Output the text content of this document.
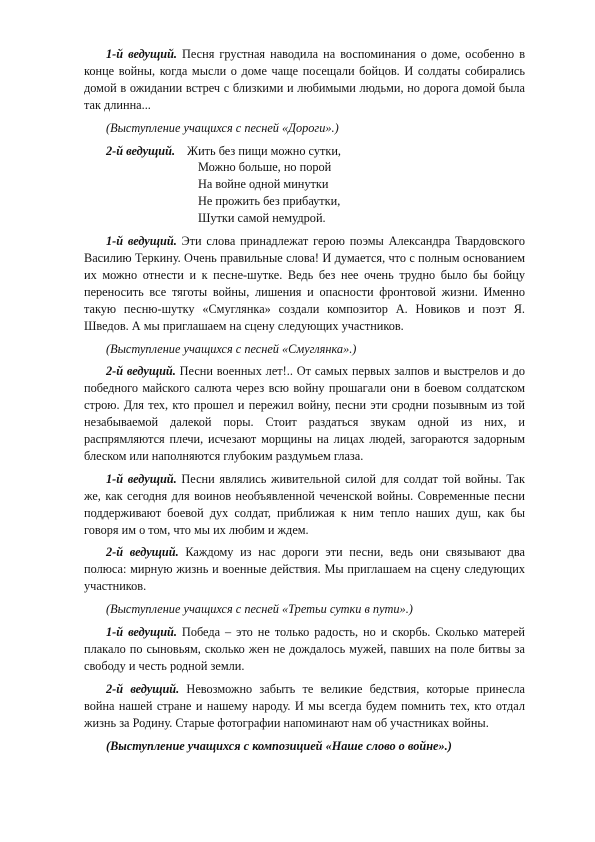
1-й ведущий. Песня грустная наводила на воспоминания о доме, особенно в конце войны, когда мысли о доме чаще посещали бойцов. И солдаты собирались домой в ожидании встреч с близкими и любимыми людьми, но дорога домой была так длинна...

(Выступление учащихся с песней «Дороги».)

2-й ведущий. Жить без пищи можно сутки,

Можно больше, но порой

На войне одной минутки

Не прожить без прибаутки,

Шутки самой немудрой.

1-й ведущий. Эти слова принадлежат герою поэмы Александра Твардовского Василию Теркину. Очень правильные слова! И думается, что с полным основанием их можно отнести и к песне-шутке. Ведь без нее очень трудно было бы бойцу переносить все тяготы войны, лишения и опасности фронтовой жизни. Именно такую песню-шутку «Смуглянка» создали композитор А. Новиков и поэт Я. Шведов. А мы приглашаем на сцену следующих участников.

(Выступление учащихся с песней «Смуглянка».)

2-й ведущий. Песни военных лет!.. От самых первых залпов и выстрелов и до победного майского салюта через всю войну прошагали они в боевом солдатском строю. Для тех, кто прошел и пережил войну, песни эти сродни позывным из той незабываемой далекой поры. Стоит раздаться звукам одной из них, и распрямляются плечи, исчезают морщины на лицах людей, загораются задорным блеском или наполняются глубоким раздумьем глаза.

1-й ведущий. Песни являлись живительной силой для солдат той войны. Так же, как сегодня для воинов необъявленной чеченской войны. Современные песни поддерживают боевой дух солдат, приближая к ним тепло наших душ, как бы говоря им о том, что мы их любим и ждем.

2-й ведущий. Каждому из нас дороги эти песни, ведь они связывают два полюса: мирную жизнь и военные действия. Мы приглашаем на сцену следующих участников.

(Выступление учащихся с песней «Третьи сутки в пути».)

1-й ведущий. Победа – это не только радость, но и скорбь. Сколько матерей плакало по сыновьям, сколько жен не дождалось мужей, павших на поле битвы за свободу и честь родной земли.

2-й ведущий. Невозможно забыть те великие бедствия, которые принесла война нашей стране и нашему народу. И мы всегда будем помнить тех, кто отдал жизнь за Родину. Старые фотографии напоминают нам об участниках войны.

(Выступление учащихся с композицией «Наше слово о войне».)
